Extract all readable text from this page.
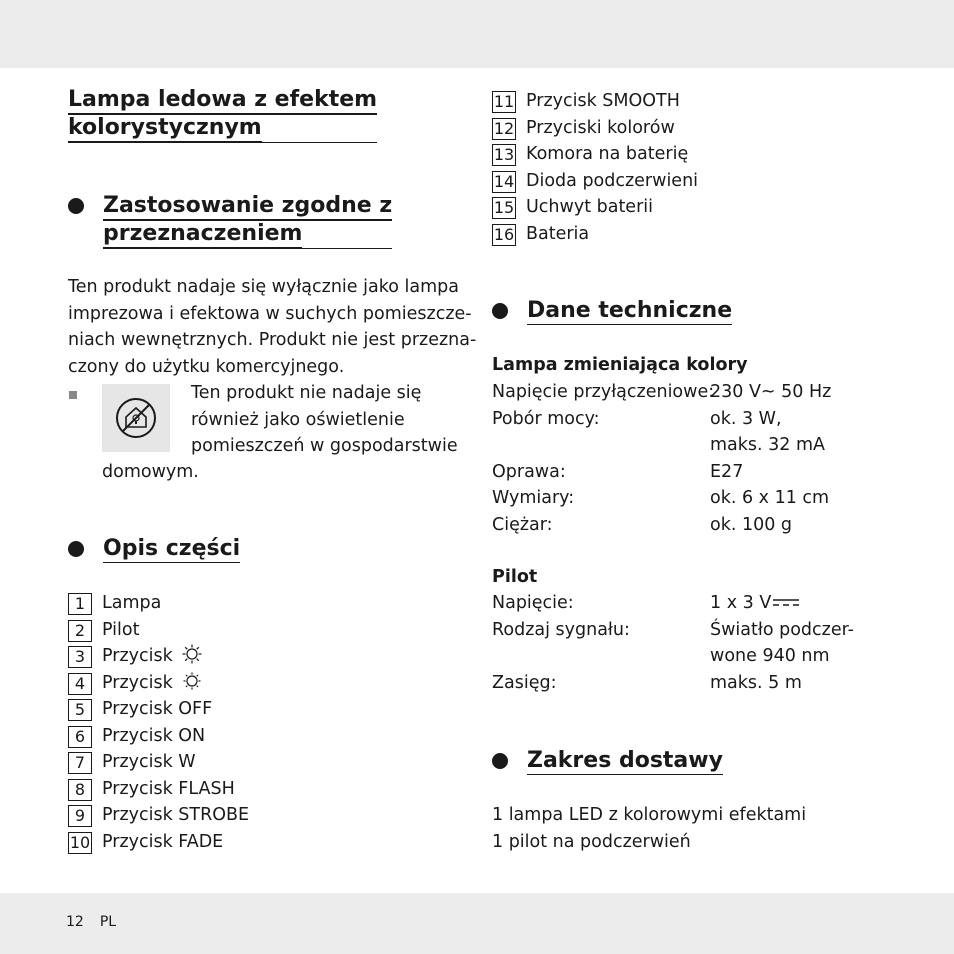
Lampa ledowa z efektem
kolorystycznym
Zastosowanie zgodne z
przeznaczeniem
Ten produkt nadaje się wyłącznie jako lampa
imprezowa i efektowa w suchych pomieszcze-
niach wewnętrznych. Produkt nie jest przezna-
czony do użytku komercyjnego.
Ten produkt nie nadaje się
również jako oświetlenie
pomieszczeń w gospodarstwie
domowym.
Opis części
1 Lampa
2 Pilot
3 Przycisk
4 Przycisk
5 Przycisk OFF
6 Przycisk ON
7 Przycisk W
8 Przycisk FLASH
9 Przycisk STROBE
10 Przycisk FADE
11 Przycisk SMOOTH
12 Przyciski kolorów
13 Komora na baterię
14 Dioda podczerwieni
15 Uchwyt baterii
16 Bateria
Dane techniczne
Lampa zmieniająca kolory
Napięcie przyłączeniowe:
230 V~ 50 Hz
Pobór mocy:	ok. 3 W,
maks. 32 mA
Oprawa:	E27
Wymiary:	ok. 6 x 11 cm
Ciężar:	ok. 100 g
Pilot
Napięcie:	1 x 3 V
Rodzaj sygnału:	Światło podczer-
wone 940 nm
Zasięg:	maks. 5 m
Zakres dostawy
1 lampa LED z kolorowymi efektami
1 pilot na podczerwień
12 PL
